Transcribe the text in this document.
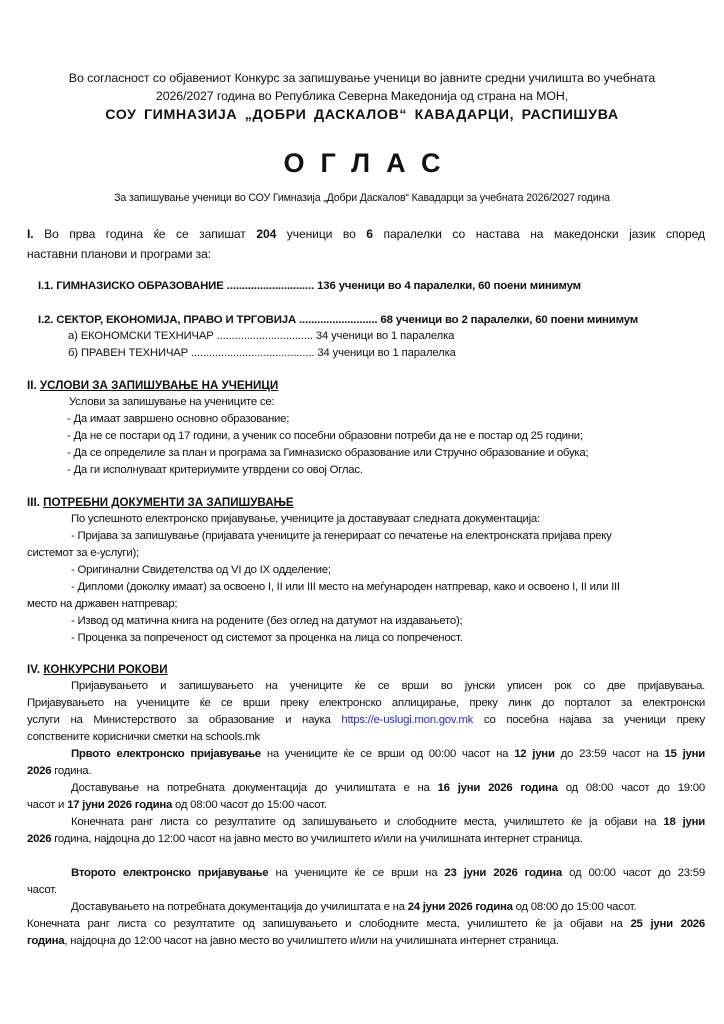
Во согласност со објавениот Конкурс за запишување ученици во јавните средни училишта во учебната
2026/2027 година во Република Северна Македонија од страна на МОН,
СОУ ГИМНАЗИЈА „ДОБРИ ДАСКАЛОВ“ КАВАДАРЦИ, РАСПИШУВА
ОГЛАС
За запишување ученици во СОУ Гимназија „Добри Даскалов“ Кавадарци за учебната 2026/2027 година
I. Во прва година ќе се запишат 204 ученици во 6 паралелки со настава на македонски јазик според
наставни планови и програми за:
I.1. ГИМНАЗИСКО ОБРАЗОВАНИЕ ............................. 136 ученици во 4 паралелки, 60 поени минимум
I.2. СЕКТОР, ЕКОНОМИЈА, ПРАВО И ТРГОВИЈА .......................... 68 ученици во 2 паралелки, 60 поени минимум
а) ЕКОНОМСКИ ТЕХНИЧАР ................................ 34 ученици во 1 паралелка
б) ПРАВЕН ТЕХНИЧАР ......................................... 34 ученици во 1 паралелка
II. УСЛОВИ ЗА ЗАПИШУВАЊЕ НА УЧЕНИЦИ
Услови за запишување на учениците се:
- Да имаат завршено основно образование;
- Да не се постари од 17 години, а ученик со посебни образовни потреби да не е постар од 25 години;
- Да се определиле за план и програма за Гимназиско образование или Стручно образование и обука;
- Да ги исполнуваат критериумите утврдени со овој Оглас.
III. ПОТРЕБНИ ДОКУМЕНТИ ЗА ЗАПИШУВАЊЕ
По успешното електронско пријавување, учениците ја доставуваат следната документација:
- Пријава за запишување (пријавата учениците ја генерираат со печатење на електронската пријава преку
системот за е-услуги);
- Оригинални Свидетелства од VI до IX одделение;
- Дипломи (доколку имаат) за освоено I, II или III место на меѓународен натпревар, како и освоено I, II или III
место на државен натпревар;
- Извод од матична книга на родените (без оглед на датумот на издавањето);
- Проценка за попреченост од системот за проценка на лица со попреченост.
IV. КОНКУРСНИ РОКОВИ
Пријавувањето и запишувањето на учениците ќе се врши во јунски уписен рок со две пријавувања.
Пријавувањето на учениците ќе се врши преку електронско аплицирање, преку линк до порталот за електронски
услуги на Министерството за образование и наука https://e-uslugi.mon.gov.mk со посебна најава за ученици преку
сопствените кориснички сметки на schools.mk
Првото електронско пријавување на учениците ќе се врши од 00:00 часот на 12 јуни до 23:59 часот на 15 јуни
2026 година.
Доставување на потребната документација до училиштата е на 16 јуни 2026 година од 08:00 часот до 19:00
часот и 17 јуни 2026 година од 08:00 часот до 15:00 часот.
Конечната ранг листа со резултатите од запишувањето и слободните места, училиштето ќе ја објави на 18 јуни
2026 година, најдоцна до 12:00 часот на јавно место во училиштето и/или на училишната интернет страница.
Второто електронско пријавување на учениците ќе се врши на 23 јуни 2026 година од 00:00 часот до 23:59
часот.
Доставувањето на потребната документација до училиштата е на 24 јуни 2026 година од 08:00 до 15:00 часот.
Конечната ранг листа со резултатите од запишувањето и слободните места, училиштето ќе ја објави на 25 јуни 2026
година, најдоцна до 12:00 часот на јавно место во училиштето и/или на училишната интернет страница.
